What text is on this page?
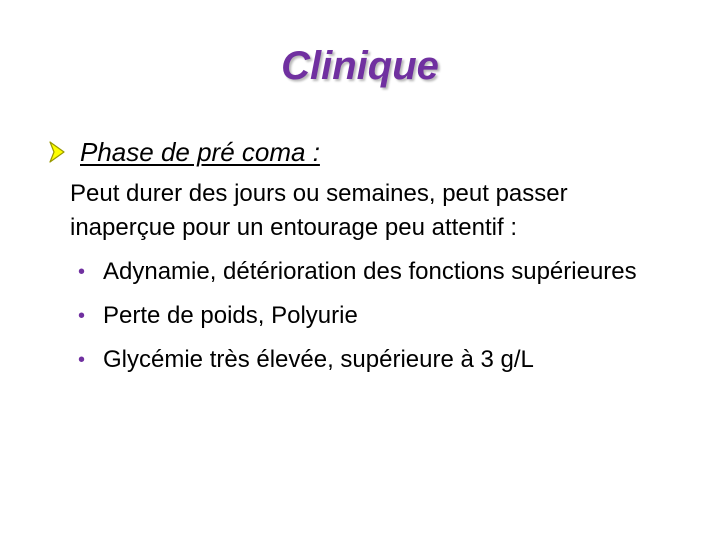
Clinique
Phase de pré coma :
Peut durer des jours ou semaines, peut passer
inaperçue pour un entourage peu attentif :
• Adynamie, détérioration des fonctions supérieures
• Perte de poids, Polyurie
• Glycémie très élevée, supérieure à 3 g/L
